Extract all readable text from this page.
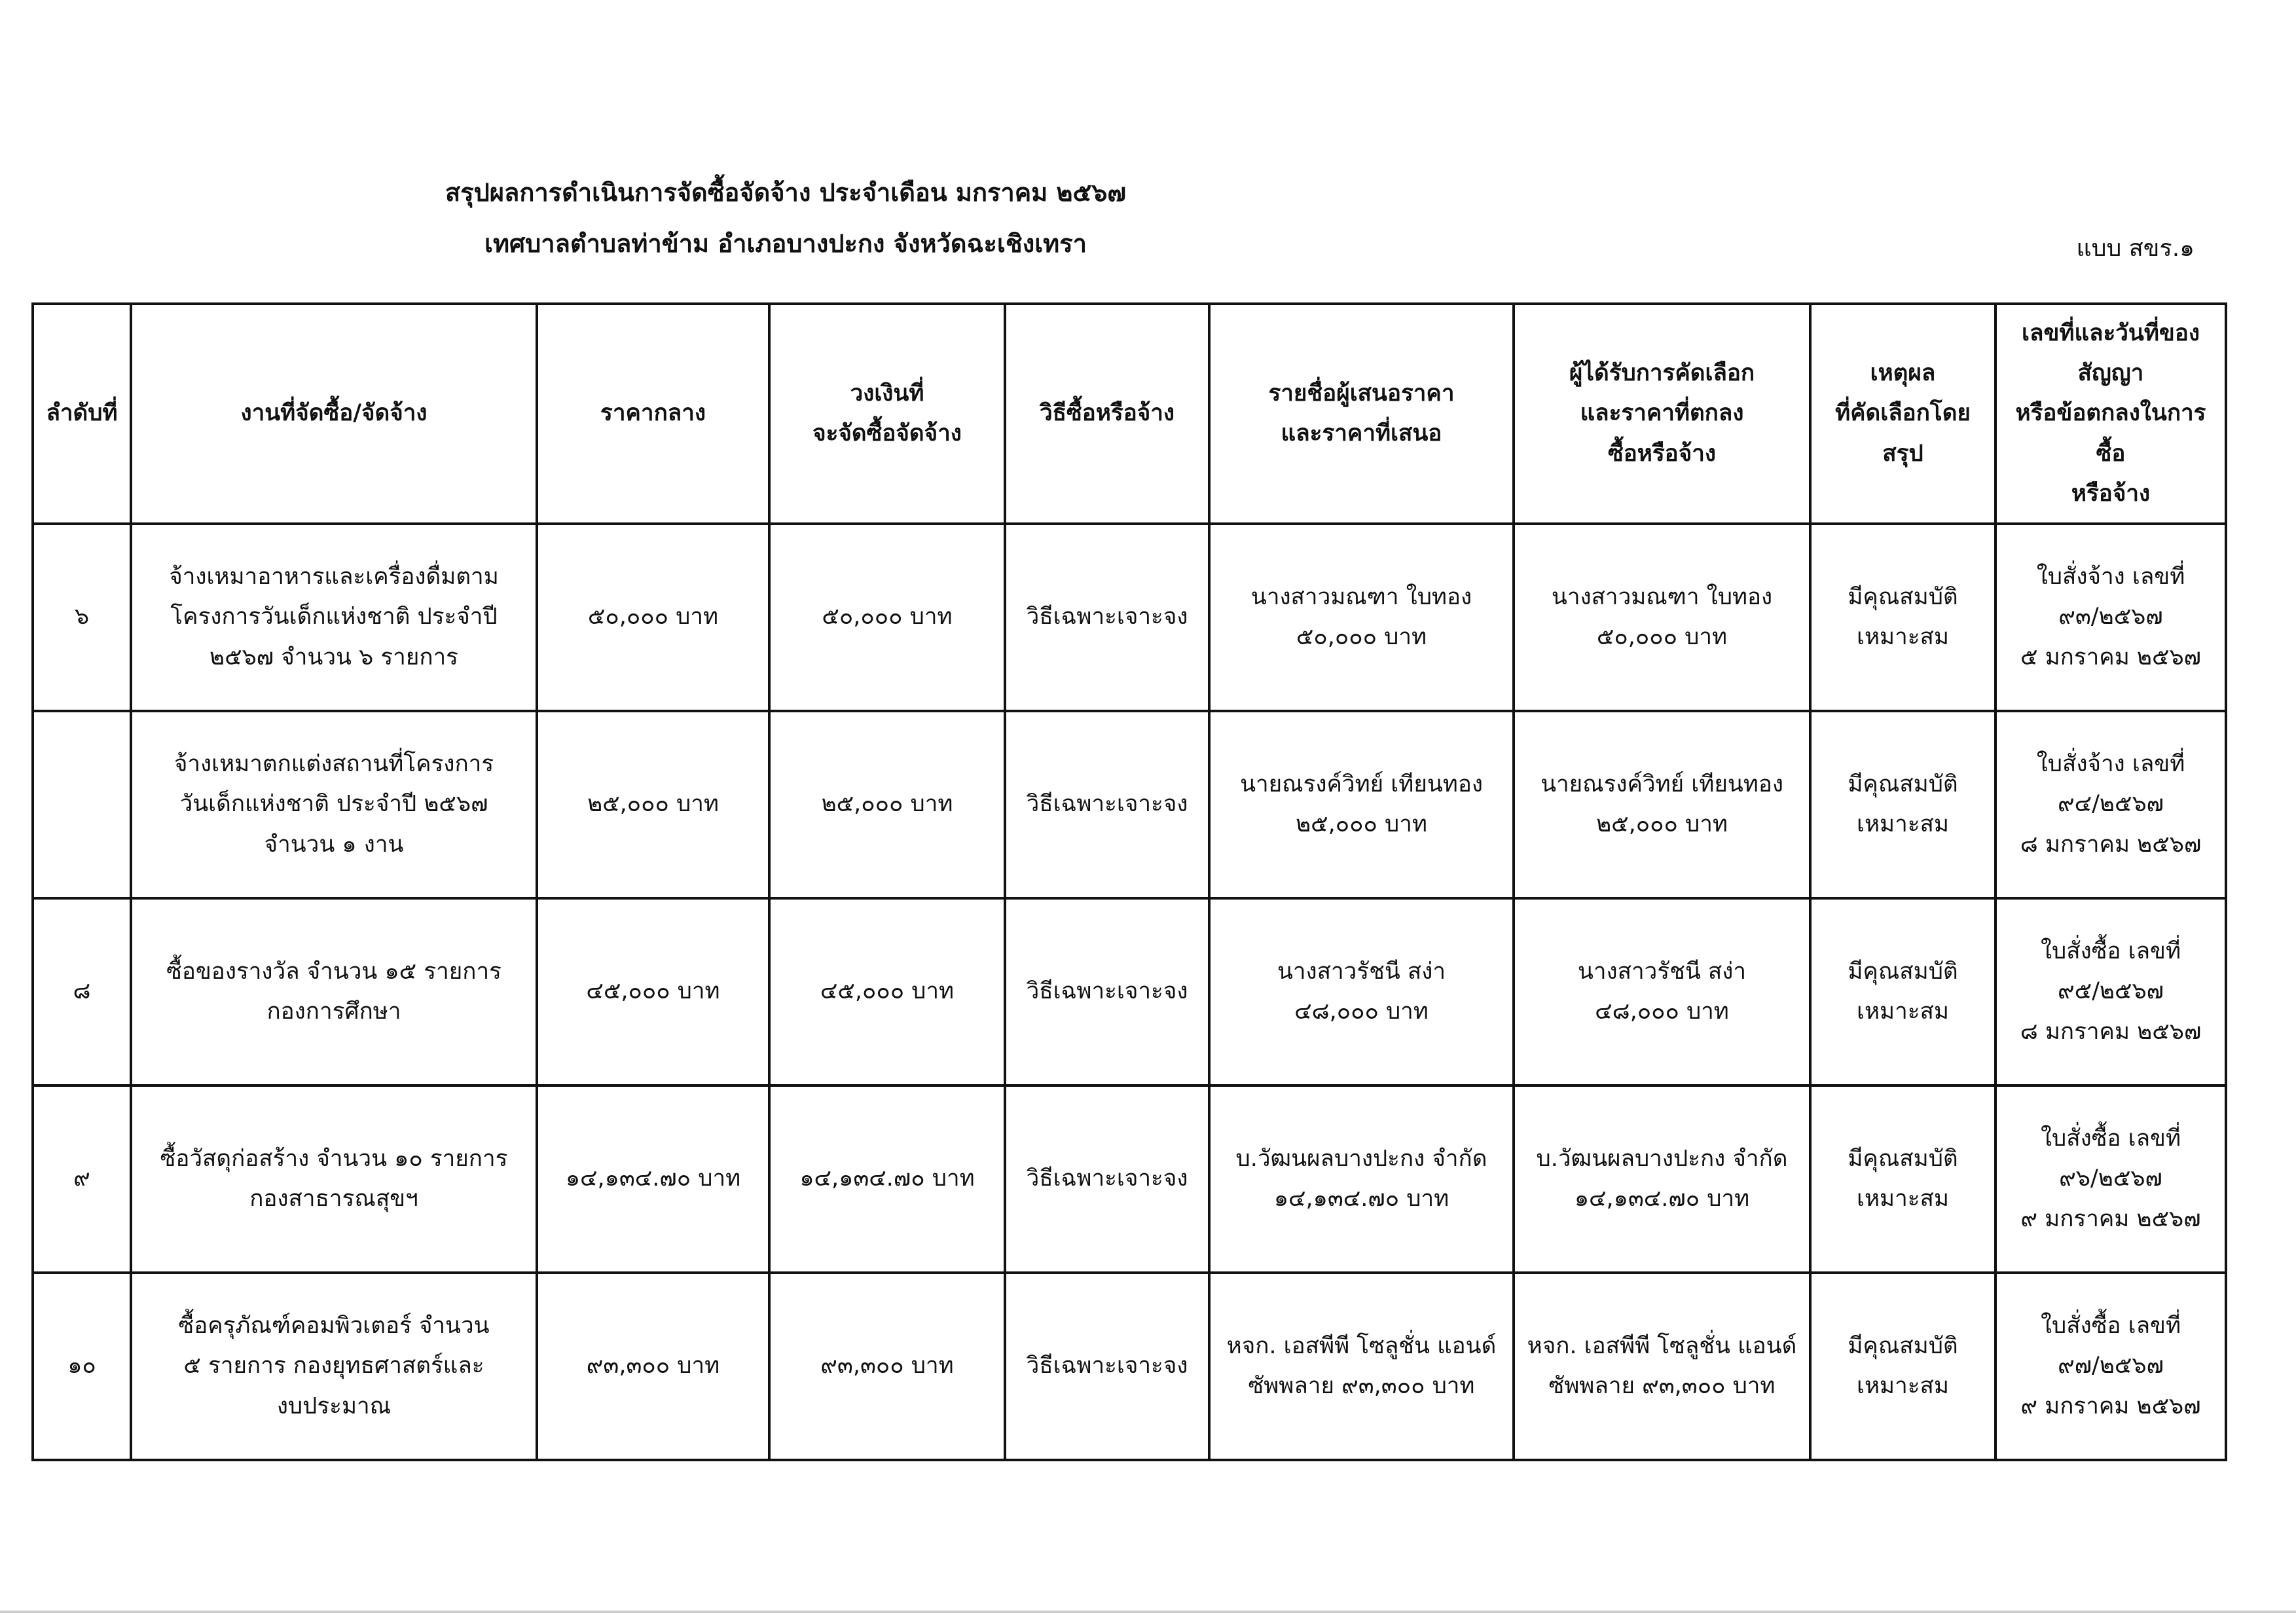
สรุปผลการดำเนินการจัดซื้อจัดจ้าง ประจำเดือน มกราคม ๒๕๖๗
เทศบาลตำบลท่าข้าม อำเภอบางปะกง จังหวัดฉะเชิงเทรา	แบบ สขร.๑
ลำดับที่	งานที่จัดซื้อ/จัดจ้าง	ราคากลาง	วงเงินที่
จะจัดซื้อจัดจ้าง	วิธีซื้อหรือจ้าง	รายชื่อผู้เสนอราคา
และราคาที่เสนอ	ผู้ได้รับการคัดเลือก
และราคาที่ตกลง
ซื้อหรือจ้าง	เหตุผล
ที่คัดเลือกโดย
สรุป	เลขที่และวันที่ของ
สัญญา
หรือข้อตกลงในการซื้อ
หรือจ้าง
๖	จ้างเหมาอาหารและเครื่องดื่มตาม
โครงการวันเด็กแห่งชาติ ประจำปี
๒๕๖๗ จำนวน ๖ รายการ	๕๐,๐๐๐ บาท	๕๐,๐๐๐ บาท	วิธีเฉพาะเจาะจง	นางสาวมณฑา ใบทอง
๕๐,๐๐๐ บาท	นางสาวมณฑา ใบทอง
๕๐,๐๐๐ บาท	มีคุณสมบัติ
เหมาะสม	ใบสั่งจ้าง เลขที่
๙๓/๒๕๖๗
๕ มกราคม ๒๕๖๗
	จ้างเหมาตกแต่งสถานที่โครงการ
วันเด็กแห่งชาติ ประจำปี ๒๕๖๗
จำนวน ๑ งาน	๒๕,๐๐๐ บาท	๒๕,๐๐๐ บาท	วิธีเฉพาะเจาะจง	นายณรงค์วิทย์ เทียนทอง
๒๕,๐๐๐ บาท	นายณรงค์วิทย์ เทียนทอง
๒๕,๐๐๐ บาท	มีคุณสมบัติ
เหมาะสม	ใบสั่งจ้าง เลขที่
๙๔/๒๕๖๗
๘ มกราคม ๒๕๖๗
๘	ซื้อของรางวัล จำนวน ๑๕ รายการ
กองการศึกษา	๔๕,๐๐๐ บาท	๔๕,๐๐๐ บาท	วิธีเฉพาะเจาะจง	นางสาวรัชนี สง่า
๔๘,๐๐๐ บาท	นางสาวรัชนี สง่า
๔๘,๐๐๐ บาท	มีคุณสมบัติ
เหมาะสม	ใบสั่งซื้อ เลขที่
๙๕/๒๕๖๗
๘ มกราคม ๒๕๖๗
๙	ซื้อวัสดุก่อสร้าง จำนวน ๑๐ รายการ
กองสาธารณสุขฯ	๑๔,๑๓๔.๗๐ บาท	๑๔,๑๓๔.๗๐ บาท	วิธีเฉพาะเจาะจง	บ.วัฒนผลบางปะกง จำกัด
๑๔,๑๓๔.๗๐ บาท	บ.วัฒนผลบางปะกง จำกัด
๑๔,๑๓๔.๗๐ บาท	มีคุณสมบัติ
เหมาะสม	ใบสั่งซื้อ เลขที่
๙๖/๒๕๖๗
๙ มกราคม ๒๕๖๗
๑๐	ซื้อครุภัณฑ์คอมพิวเตอร์ จำนวน
๕ รายการ กองยุทธศาสตร์และ
งบประมาณ	๙๓,๓๐๐ บาท	๙๓,๓๐๐ บาท	วิธีเฉพาะเจาะจง	หจก. เอสพีพี โซลูชั่น แอนด์
ซัพพลาย ๙๓,๓๐๐ บาท	หจก. เอสพีพี โซลูชั่น แอนด์
ซัพพลาย ๙๓,๓๐๐ บาท	มีคุณสมบัติ
เหมาะสม	ใบสั่งซื้อ เลขที่
๙๗/๒๕๖๗
๙ มกราคม ๒๕๖๗
